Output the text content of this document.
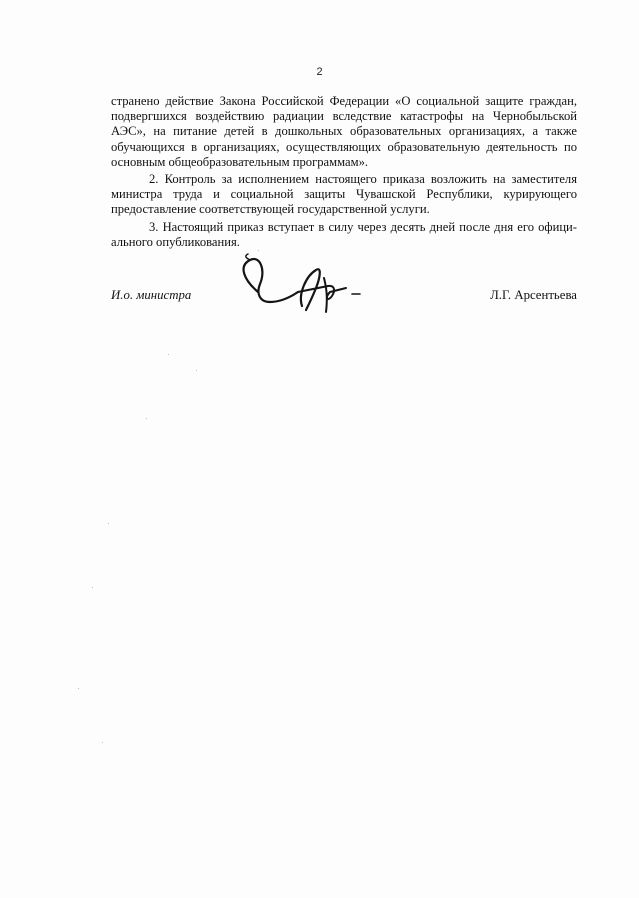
2
страненo действие Закона Российской Федерации «О социальной защите граждан,
подвергшихся воздействию радиации вследствие катастрофы на Чернобыльской
АЭС», на питание детей в дошкольных образовательных организациях, а также
обучающихся в организациях, осуществляющих образовательную деятельность по
основным общеобразовательным программам».
2. Контроль за исполнением настоящего приказа возложить на заместителя
министра труда и социальной защиты Чувашской Республики, курирующего
предоставление соответствующей государственной услуги.
3. Настоящий приказ вступает в силу через десять дней после дня его офици-
ального опубликования.
И.о. министра	Л.Г. Арсентьева
